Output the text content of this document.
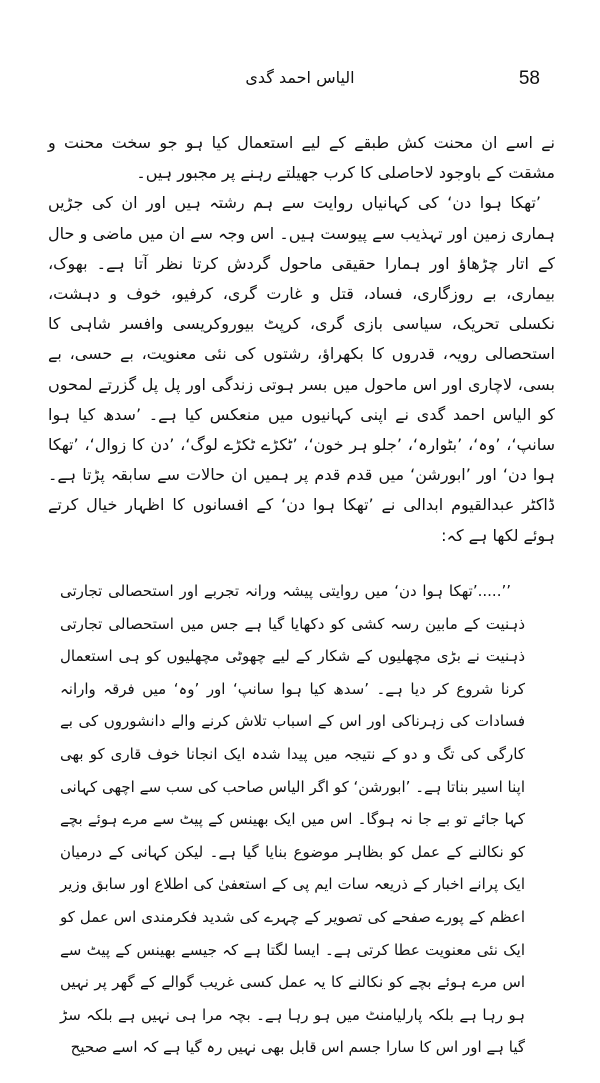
58
الیاس احمد گدی

نے اسے ان محنت کش طبقے کے لیے استعمال کیا ہو جو سخت محنت و مشقت کے باوجود لاحاصلی کا کرب جھیلتے رہنے پر مجبور ہیں۔

’تھکا ہوا دن‘ کی کہانیاں روایت سے ہم رشتہ ہیں اور ان کی جڑیں ہماری زمین اور تہذیب سے پیوست ہیں۔ اس وجہ سے ان میں ماضی و حال کے اتار چڑھاؤ اور ہمارا حقیقی ماحول گردش کرتا نظر آتا ہے۔ بھوک، بیماری، بے روزگاری، فساد، قتل و غارت گری، کرفیو، خوف و دہشت، نکسلی تحریک، سیاسی بازی گری، کرپٹ بیوروکریسی وافسر شاہی کا استحصالی رویہ، قدروں کا بکھراؤ، رشتوں کی نئی معنویت، بے حسی، بے بسی، لاچاری اور اس ماحول میں بسر ہوتی زندگی اور پل پل گزرتے لمحوں کو الیاس احمد گدی نے اپنی کہانیوں میں منعکس کیا ہے۔ ’سدھ کیا ہوا سانپ‘، ’وہ‘، ’بٹوارہ‘، ’جلو ہر خون‘، ’ٹکڑے ٹکڑے لوگ‘، ’دن کا زوال‘، ’تھکا ہوا دن‘ اور ’ابورشن‘ میں قدم قدم پر ہمیں ان حالات سے سابقہ پڑتا ہے۔ ڈاکٹر عبدالقیوم ابدالی نے ’تھکا ہوا دن‘ کے افسانوں کا اظہار خیال کرتے ہوئے لکھا ہے کہ:

’’.....’تھکا ہوا دن‘ میں روایتی پیشہ ورانہ تجربے اور استحصالی تجارتی ذہنیت کے مابین رسہ کشی کو دکھایا گیا ہے جس میں استحصالی تجارتی ذہنیت نے بڑی مچھلیوں کے شکار کے لیے چھوٹی مچھلیوں کو ہی استعمال کرنا شروع کر دیا ہے۔ ’سدھ کیا ہوا سانپ‘ اور ’وہ‘ میں فرقہ وارانہ فسادات کی زہرناکی اور اس کے اسباب تلاش کرنے والے دانشوروں کی بے کارگی کی تگ و دو کے نتیجہ میں پیدا شدہ ایک انجانا خوف قاری کو بھی اپنا اسیر بناتا ہے۔ ’ابورشن‘ کو اگر الیاس صاحب کی سب سے اچھی کہانی کہا جائے تو بے جا نہ ہوگا۔ اس میں ایک بھینس کے پیٹ سے مرے ہوئے بچے کو نکالنے کے عمل کو بظاہر موضوع بنایا گیا ہے۔ لیکن کہانی کے درمیان ایک پرانے اخبار کے ذریعہ سات ایم پی کے استعفیٰ کی اطلاع اور سابق وزیر اعظم کے پورے صفحے کی تصویر کے چہرے کی شدید فکرمندی اس عمل کو ایک نئی معنویت عطا کرتی ہے۔ ایسا لگتا ہے کہ جیسے بھینس کے پیٹ سے اس مرے ہوئے بچے کو نکالنے کا یہ عمل کسی غریب گوالے کے گھر پر نہیں ہو رہا ہے بلکہ پارلیامنٹ میں ہو رہا ہے۔ بچہ مرا ہی نہیں ہے بلکہ سڑ گیا ہے اور اس کا سارا جسم اس قابل بھی نہیں رہ گیا ہے کہ اسے صحیح
